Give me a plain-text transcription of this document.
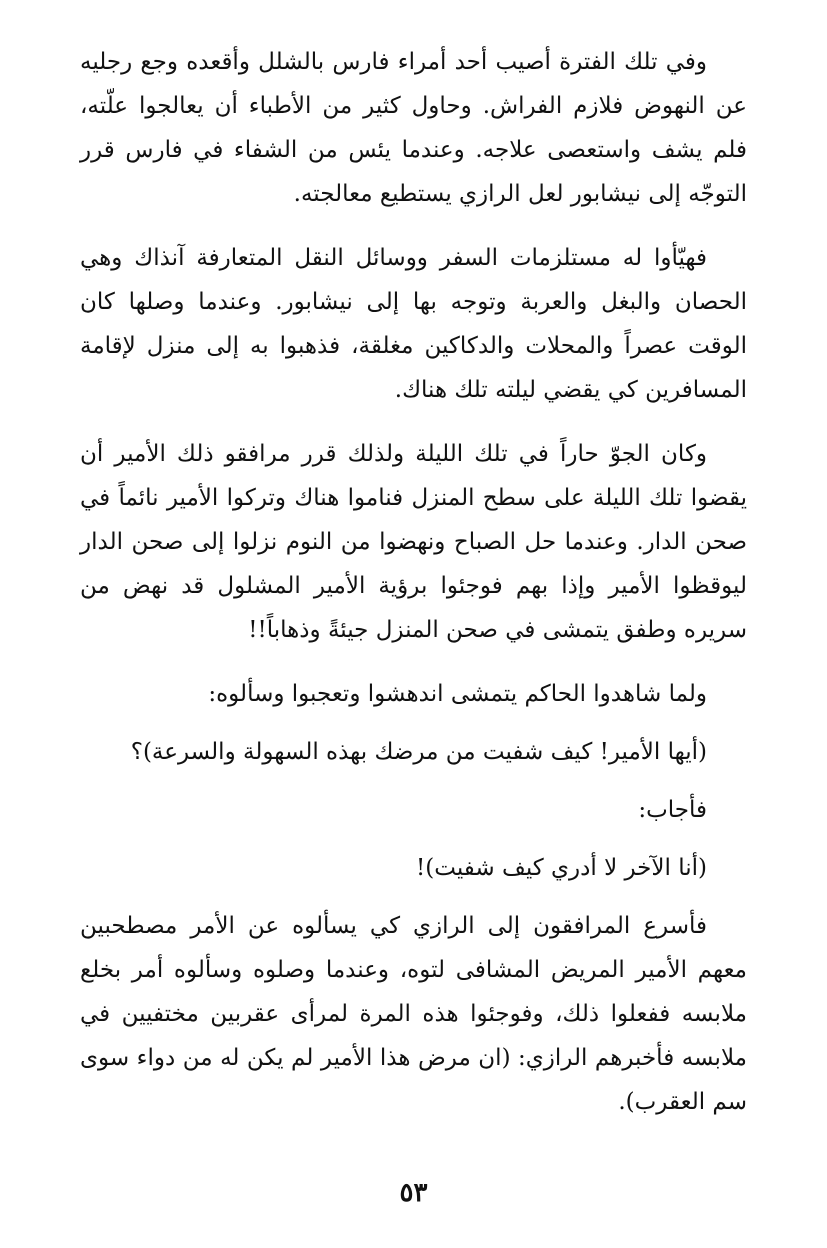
وفي تلك الفترة أصيب أحد أمراء فارس بالشلل وأقعده وجع رجليه عن النهوض فلازم الفراش. وحاول كثير من الأطباء أن يعالجوا علّته، فلم يشف واستعصى علاجه. وعندما يئس من الشفاء في فارس قرر التوجّه إلى نيشابور لعل الرازي يستطيع معالجته.

فهيّأوا له مستلزمات السفر ووسائل النقل المتعارفة آنذاك وهي الحصان والبغل والعربة وتوجه بها إلى نيشابور. وعندما وصلها كان الوقت عصراً والمحلات والدكاكين مغلقة، فذهبوا به إلى منزل لإقامة المسافرين كي يقضي ليلته تلك هناك.

وكان الجوّ حاراً في تلك الليلة ولذلك قرر مرافقو ذلك الأمير أن يقضوا تلك الليلة على سطح المنزل فناموا هناك وتركوا الأمير نائماً في صحن الدار. وعندما حل الصباح ونهضوا من النوم نزلوا إلى صحن الدار ليوقظوا الأمير وإذا بهم فوجئوا برؤية الأمير المشلول قد نهض من سريره وطفق يتمشى في صحن المنزل جيئةً وذهاباً!!

ولما شاهدوا الحاكم يتمشى اندهشوا وتعجبوا وسألوه:

(أيها الأمير! كيف شفيت من مرضك بهذه السهولة والسرعة)؟

فأجاب:

(أنا الآخر لا أدري كيف شفيت)!

فأسرع المرافقون إلى الرازي كي يسألوه عن الأمر مصطحبين معهم الأمير المريض المشافى لتوه، وعندما وصلوه وسألوه أمر بخلع ملابسه ففعلوا ذلك، وفوجئوا هذه المرة لمرأى عقربين مختفيين في ملابسه فأخبرهم الرازي: (ان مرض هذا الأمير لم يكن له من دواء سوى سم العقرب).

٥٣
